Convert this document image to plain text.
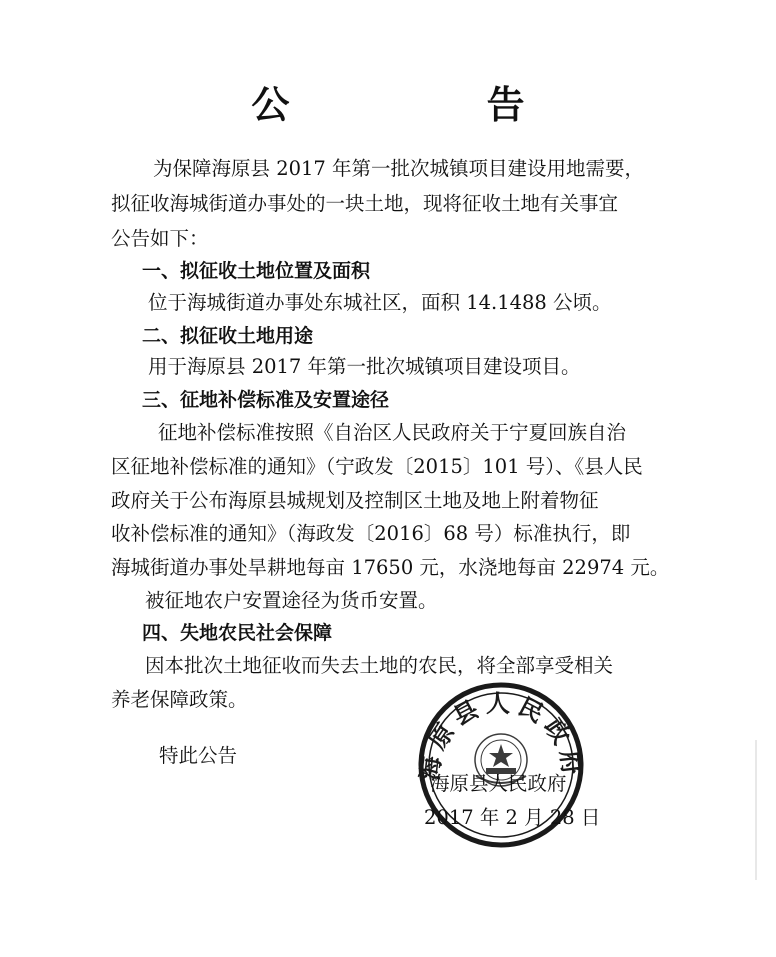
公 告
为保障海原县 2017 年第一批次城镇项目建设用地需要，
拟征收海城街道办事处的一块土地，现将征收土地有关事宜
公告如下：
一、拟征收土地位置及面积
位于海城街道办事处东城社区，面积 14.1488 公顷。
二、拟征收土地用途
用于海原县 2017 年第一批次城镇项目建设项目。
三、征地补偿标准及安置途径
征地补偿标准按照《自治区人民政府关于宁夏回族自治
区征地补偿标准的通知》（宁政发〔2015〕101 号）、《县人民
政府关于公布海原县城规划及控制区土地及地上附着物征
收补偿标准的通知》（海政发〔2016〕68 号）标准执行，即
海城街道办事处旱耕地每亩 17650 元，水浇地每亩 22974 元。
被征地农户安置途径为货币安置。
四、失地农民社会保障
因本批次土地征收而失去土地的农民，将全部享受相关
养老保障政策。
特此公告	海原县人民政府
海原县人民政府
2017 年 2 月 28 日
